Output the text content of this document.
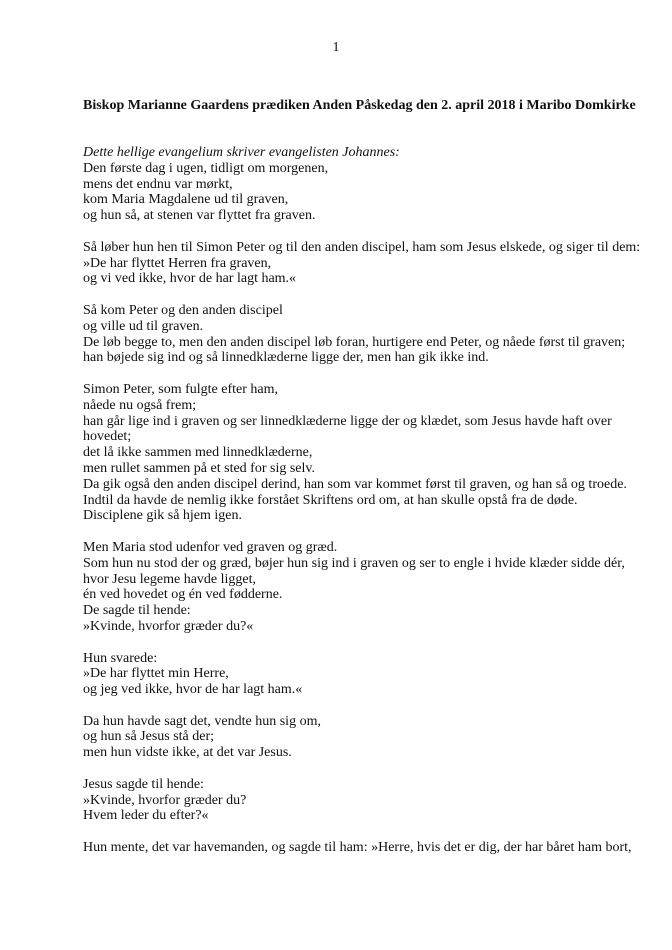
1
Biskop Marianne Gaardens prædiken Anden Påskedag den 2. april 2018 i Maribo Domkirke
Dette hellige evangelium skriver evangelisten Johannes:
Den første dag i ugen, tidligt om morgenen,
mens det endnu var mørkt,
kom Maria Magdalene ud til graven,
og hun så, at stenen var flyttet fra graven.
Så løber hun hen til Simon Peter og til den anden discipel, ham som Jesus elskede, og siger til dem:
»De har flyttet Herren fra graven,
og vi ved ikke, hvor de har lagt ham.«
Så kom Peter og den anden discipel
og ville ud til graven.
De løb begge to, men den anden discipel løb foran, hurtigere end Peter, og nåede først til graven;
han bøjede sig ind og så linnedklæderne ligge der, men han gik ikke ind.
Simon Peter, som fulgte efter ham,
nåede nu også frem;
han går lige ind i graven og ser linnedklæderne ligge der og klædet, som Jesus havde haft over
hovedet;
det lå ikke sammen med linnedklæderne,
men rullet sammen på et sted for sig selv.
Da gik også den anden discipel derind, han som var kommet først til graven, og han så og troede.
Indtil da havde de nemlig ikke forstået Skriftens ord om, at han skulle opstå fra de døde.
Disciplene gik så hjem igen.
Men Maria stod udenfor ved graven og græd.
Som hun nu stod der og græd, bøjer hun sig ind i graven og ser to engle i hvide klæder sidde dér,
hvor Jesu legeme havde ligget,
én ved hovedet og én ved fødderne.
De sagde til hende:
»Kvinde, hvorfor græder du?«
Hun svarede:
»De har flyttet min Herre,
og jeg ved ikke, hvor de har lagt ham.«
Da hun havde sagt det, vendte hun sig om,
og hun så Jesus stå der;
men hun vidste ikke, at det var Jesus.
Jesus sagde til hende:
»Kvinde, hvorfor græder du?
Hvem leder du efter?«
Hun mente, det var havemanden, og sagde til ham: »Herre, hvis det er dig, der har båret ham bort,
